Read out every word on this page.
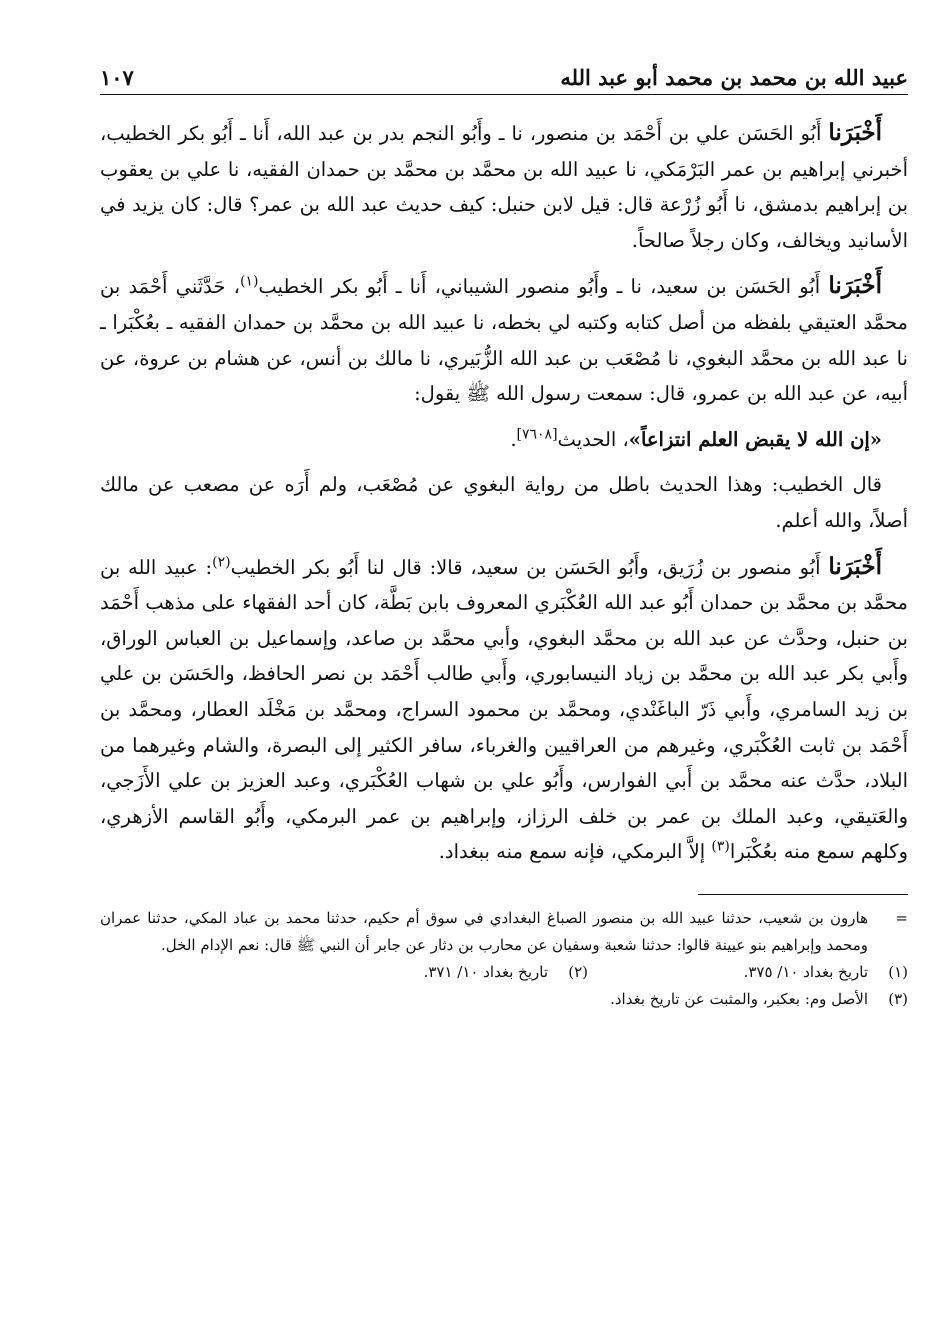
عبيد الله بن محمد بن محمد أبو عبد الله
١٠٧

أَخْبَرَنا أَبُو الحَسَن علي بن أَحْمَد بن منصور، نا ـ وأَبُو النجم بدر بن عبد الله، أَنا ـ أَبُو بكر الخطيب، أخبرني إبراهيم بن عمر البَرْمَكي، نا عبيد الله بن محمَّد بن محمَّد بن حمدان الفقيه، نا علي بن يعقوب بن إبراهيم بدمشق، نا أَبُو زُرْعة قال: قيل لابن حنبل: كيف حديث عبد الله بن عمر؟ قال: كان يزيد في الأسانيد ويخالف، وكان رجلاً صالحاً.

أَخْبَرَنا أَبُو الحَسَن بن سعيد، نا ـ وأَبُو منصور الشيباني، أَنا ـ أَبُو بكر الخطيب$^{(١)}$، حَدَّثَني أَحْمَد بن محمَّد العتيقي بلفظه من أصل كتابه وكتبه لي بخطه، نا عبيد الله بن محمَّد بن حمدان الفقيه ـ بعُكْبَرا ـ نا عبد الله بن محمَّد البغوي، نا مُصْعَب بن عبد الله الزُّبَيري، نا مالك بن أنس، عن هشام بن عروة، عن أبيه، عن عبد الله بن عمرو، قال: سمعت رسول الله ﷺ يقول:

«إن الله لا يقبض العلم انتزاعاً»، الحديث[٧٦٠٨].

قال الخطيب: وهذا الحديث باطل من رواية البغوي عن مُصْعَب، ولم أَرَه عن مصعب عن مالك أصلاً، والله أعلم.

أَخْبَرَنا أَبُو منصور بن زُرَيق، وأَبُو الحَسَن بن سعيد، قالا: قال لنا أَبُو بكر الخطيب$^{(٢)}$: عبيد الله بن محمَّد بن محمَّد بن حمدان أَبُو عبد الله العُكْبَري المعروف بابن بَطَّة، كان أحد الفقهاء على مذهب أَحْمَد بن حنبل، وحدَّث عن عبد الله بن محمَّد البغوي، وأبي محمَّد بن صاعد، وإسماعيل بن العباس الوراق، وأَبي بكر عبد الله بن محمَّد بن زياد النيسابوري، وأَبي طالب أَحْمَد بن نصر الحافظ، والحَسَن بن علي بن زيد السامري، وأَبي ذَرّ الباغَنْدي، ومحمَّد بن محمود السراج، ومحمَّد بن مَخْلَد العطار، ومحمَّد بن أَحْمَد بن ثابت العُكْبَري، وغيرهم من العراقيين والغرباء، سافر الكثير إلى البصرة، والشام وغيرهما من البلاد، حدَّث عنه محمَّد بن أَبي الفوارس، وأَبُو علي بن شهاب العُكْبَري، وعبد العزيز بن علي الأَزَجي، والعَتيقي، وعبد الملك بن عمر بن خلف الرزاز، وإبراهيم بن عمر البرمكي، وأَبُو القاسم الأزهري، وكلهم سمع منه بعُكْبَرا$^{(٣)}$ إلاَّ البرمكي، فإنه سمع منه ببغداد.

=
هارون بن شعيب، حدثنا عبيد الله بن منصور الصباغ البغدادي في سوق أم حكيم، حدثنا محمد بن عباد المكي، حدثنا عمران ومحمد وإبراهيم بنو عيينة قالوا: حدثنا شعبة وسفيان عن محارب بن دثار عن جابر أن النبي ﷺ قال: نعم الإدام الخل.
(١)
تاريخ بغداد ١٠/ ٣٧٥.
(٢)
تاريخ بغداد ١٠/ ٣٧١.
(٣)
الأصل وم: بعكبر، والمثبت عن تاريخ بغداد.
